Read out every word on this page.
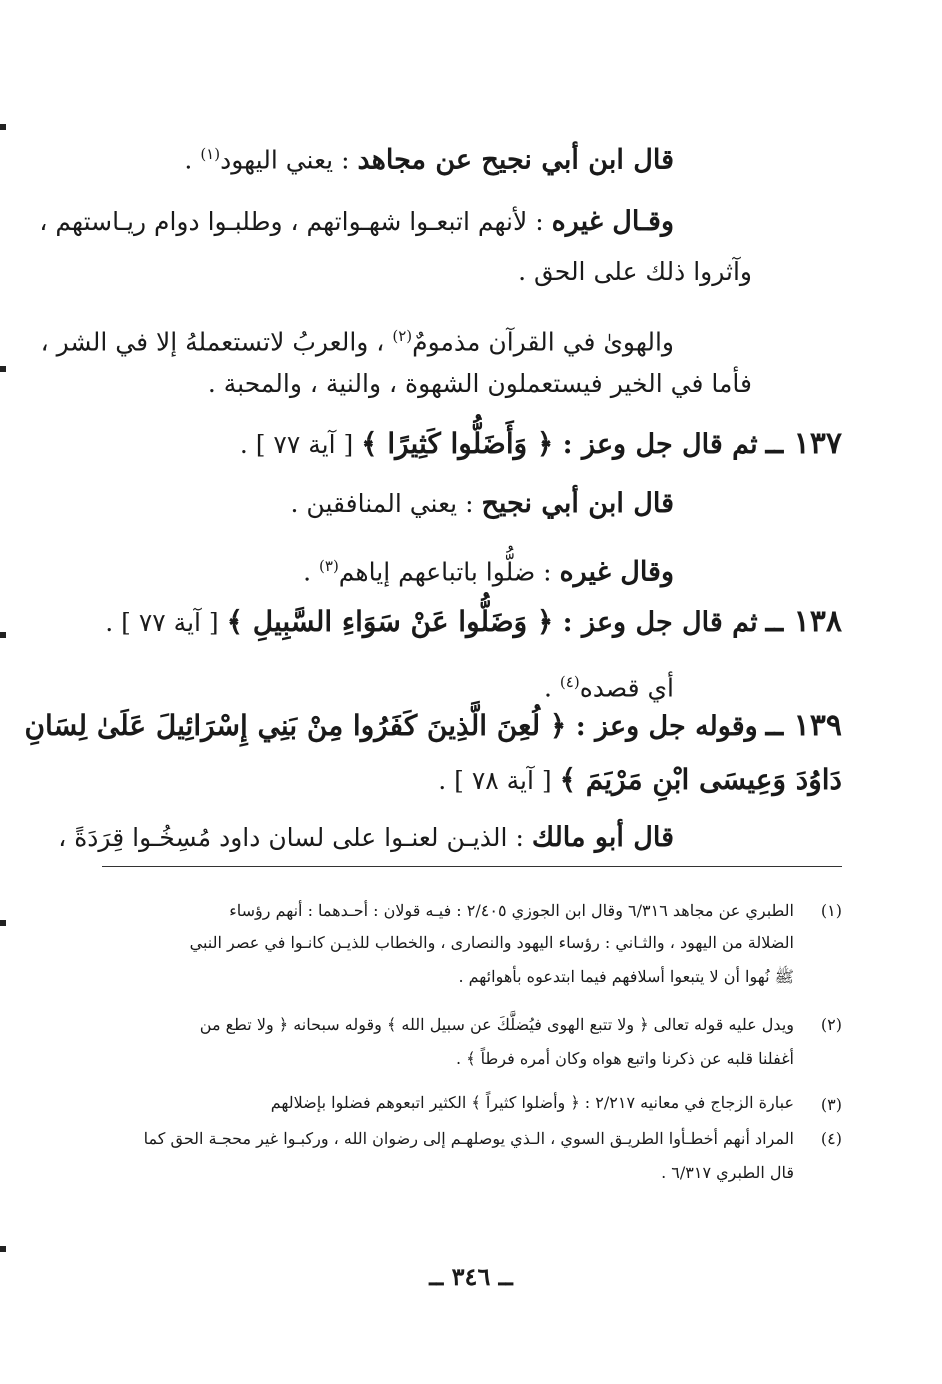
قال ابن أبي نجيح عن مجاهد : يعني اليهود$^{(١)}$ .
وقـال غيره : لأنهم اتبعـوا شهـواتهم ، وطلبـوا دوام ريـاستهم ،
وآثروا ذلك على الحق .
والهوىٰ في القرآن مذمومٌ$^{(٢)}$ ، والعربُ لاتستعملهُ إلا في الشر ،
فأما في الخير فيستعملون الشهوة ، والنية ، والمحبة .
١٣٧ ــ ثم قال جل وعز : ﴿ وَأَضَلُّوا كَثِيرًا ﴾ [ آية ٧٧ ] .
قال ابن أبي نجيح : يعني المنافقين .
وقال غيره : ضلُّوا باتباعهم إياهم$^{(٣)}$ .
١٣٨ ــ ثم قال جل وعز : ﴿ وَضَلُّوا عَنْ سَوَاءِ السَّبِيلِ ﴾ [ آية ٧٧ ] .
أي قصده$^{(٤)}$ .
١٣٩ ــ وقوله جل وعز : ﴿ لُعِنَ الَّذِينَ كَفَرُوا مِنْ بَنِي إِسْرَائِيلَ عَلَىٰ لِسَانِ
دَاوُدَ وَعِيسَى ابْنِ مَرْيَمَ ﴾ [ آية ٧٨ ] .
قال أبو مالك : الذيـن لعنـوا على لسان داود مُسِخُـوا قِرَدَةً ،
(١)
الطبري عن مجاهد ٦/٣١٦ وقال ابن الجوزي ٢/٤٠٥ : فيـه قولان : أحـدهما : أنهم رؤساء
الضلالة من اليهود ، والثـاني : رؤساء اليهود والنصارى ، والخطاب للذيـن كانـوا في عصر النبي
ﷺ نُهوا أن لا يتبعوا أسلافهم فيما ابتدعوه بأهوائهم .
(٢)
ويدل عليه قوله تعالى ﴿ ولا تتبع الهوى فيُضلَّكَ عن سبيل الله ﴾ وقوله سبحانه ﴿ ولا تطع من
أغفلنا قلبه عن ذكرنا واتبع هواه وكان أمره فرطاً ﴾ .
(٣)
عبارة الزجاج في معانيه ٢/٢١٧ : ﴿ وأضلوا كثيراً ﴾ الكثير اتبعوهم فضلوا بإضلالهم
(٤)
المراد أنهم أخطـأوا الطريـق السوي ، الـذي يوصلهـم إلى رضوان الله ، وركبـوا غير محجـة الحق كما
قال الطبري ٦/٣١٧ .
ــ ٣٤٦ ــ
